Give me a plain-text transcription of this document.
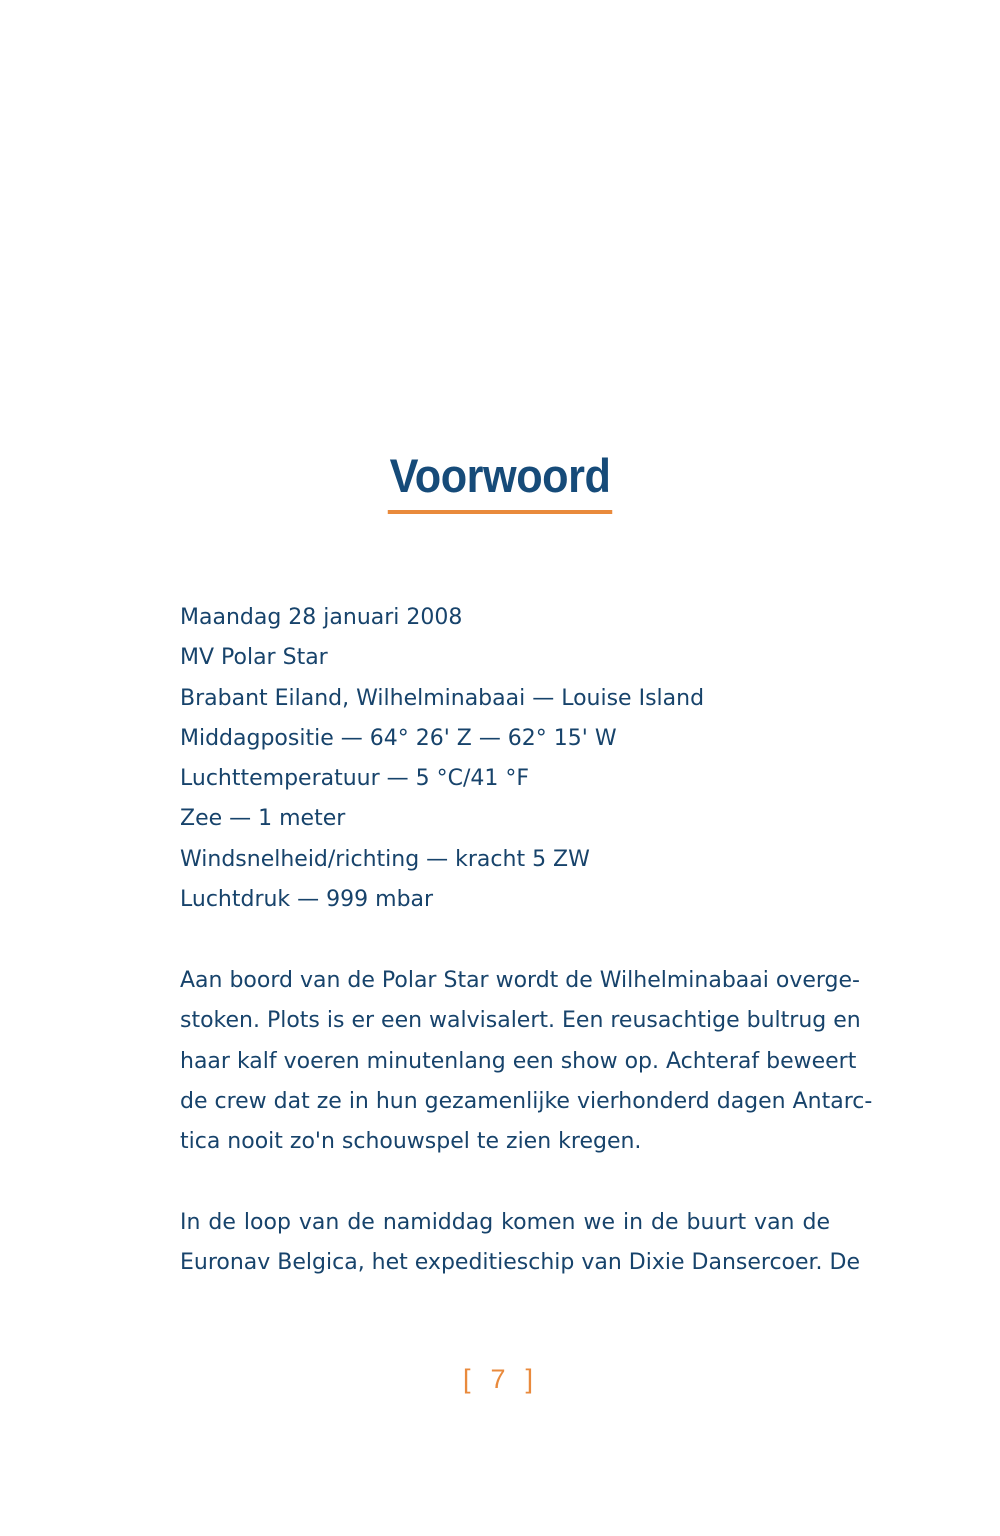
Voorwoord
Maandag 28 januari 2008
MV Polar Star
Brabant Eiland, Wilhelminabaai — Louise Island
Middagpositie — 64° 26' Z — 62° 15' W
Luchttemperatuur — 5 °C/41 °F
Zee — 1 meter
Windsnelheid/richting — kracht 5 ZW
Luchtdruk — 999 mbar
Aan boord van de Polar Star wordt de Wilhelminabaai overge-
stoken. Plots is er een walvisalert. Een reusachtige bultrug en
haar kalf voeren minutenlang een show op. Achteraf beweert
de crew dat ze in hun gezamenlijke vierhonderd dagen Antarc-
tica nooit zo'n schouwspel te zien kregen.
In de loop van de namiddag komen we in de buurt van de
Euronav Belgica, het expeditieschip van Dixie Dansercoer. De
[ 7 ]
